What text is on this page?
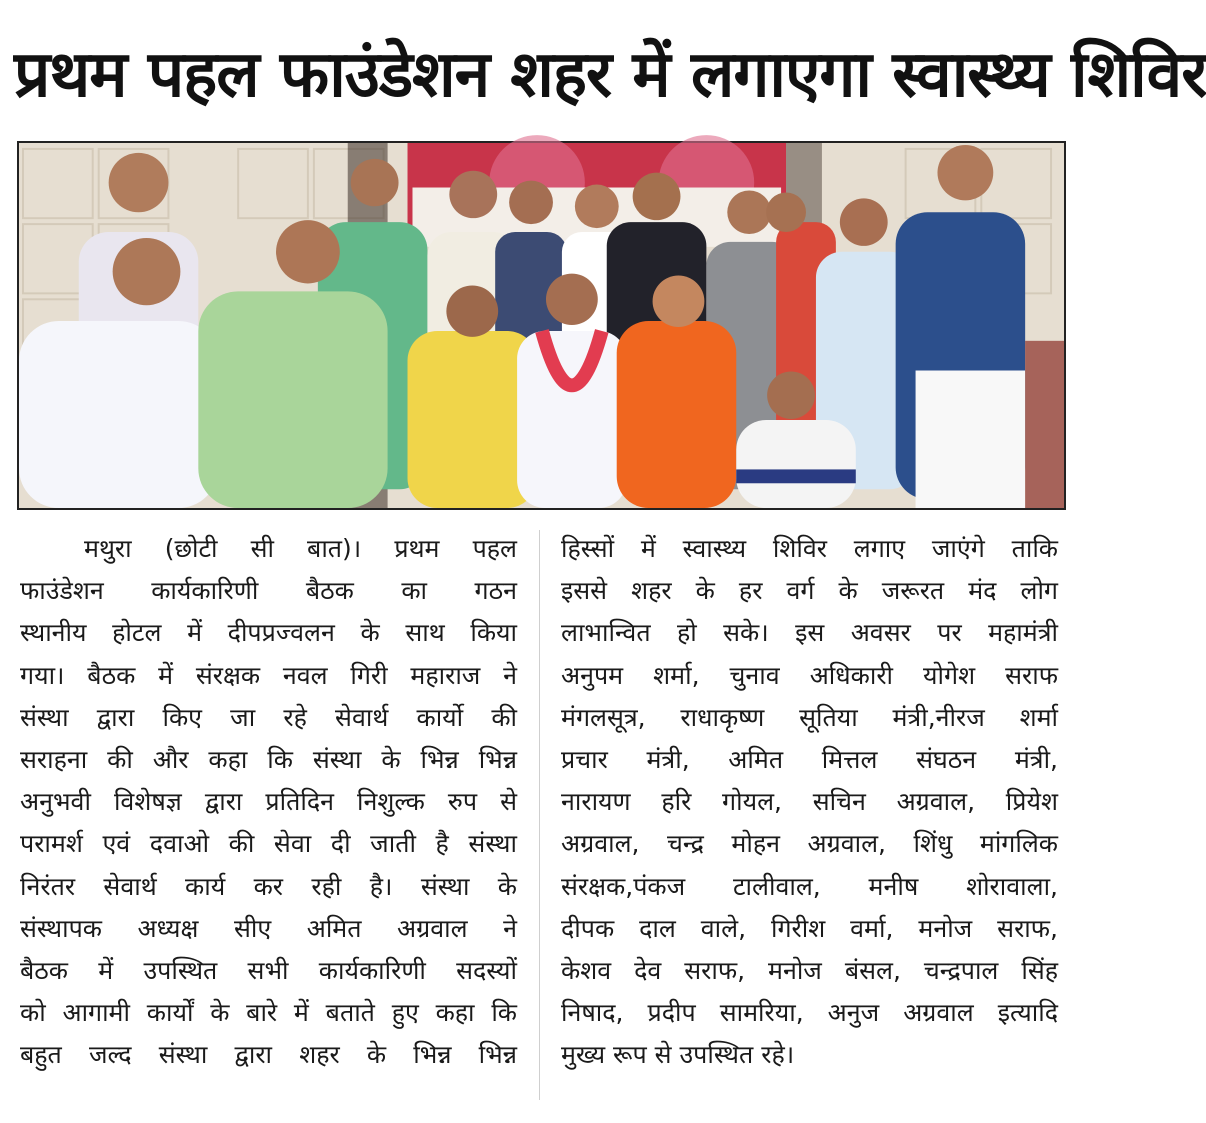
प्रथम पहल फाउंडेशन शहर में लगाएगा स्वास्थ्य शिविर
मथुरा (छोटी सी बात)। प्रथम पहल
फाउंडेशन कार्यकारिणी बैठक का गठन
स्थानीय होटल में दीपप्रज्वलन के साथ किया
गया। बैठक में संरक्षक नवल गिरी महाराज ने
संस्था द्वारा किए जा रहे सेवार्थ कार्यो की
सराहना की और कहा कि संस्था के भिन्न भिन्न
अनुभवी विशेषज्ञ द्वारा प्रतिदिन निशुल्क रुप से
परामर्श एवं दवाओ की सेवा दी जाती है संस्था
निरंतर सेवार्थ कार्य कर रही है। संस्था के
संस्थापक अध्यक्ष सीए अमित अग्रवाल ने
बैठक में उपस्थित सभी कार्यकारिणी सदस्यों
को आगामी कार्यों के बारे में बताते हुए कहा कि
बहुत जल्द संस्था द्वारा शहर के भिन्न भिन्न
हिस्सों में स्वास्थ्य शिविर लगाए जाएंगे ताकि
इससे शहर के हर वर्ग के जरूरत मंद लोग
लाभान्वित हो सके। इस अवसर पर महामंत्री
अनुपम शर्मा, चुनाव अधिकारी योगेश सराफ
मंगलसूत्र, राधाकृष्ण सूतिया मंत्री,नीरज शर्मा
प्रचार मंत्री, अमित मित्तल संघठन मंत्री,
नारायण हरि गोयल, सचिन अग्रवाल, प्रियेश
अग्रवाल, चन्द्र मोहन अग्रवाल, शिंधु मांगलिक
संरक्षक,पंकज टालीवाल, मनीष शोरावाला,
दीपक दाल वाले, गिरीश वर्मा, मनोज सराफ,
केशव देव सराफ, मनोज बंसल, चन्द्रपाल सिंह
निषाद, प्रदीप सामरिया, अनुज अग्रवाल इत्यादि
मुख्य रूप से उपस्थित रहे।
